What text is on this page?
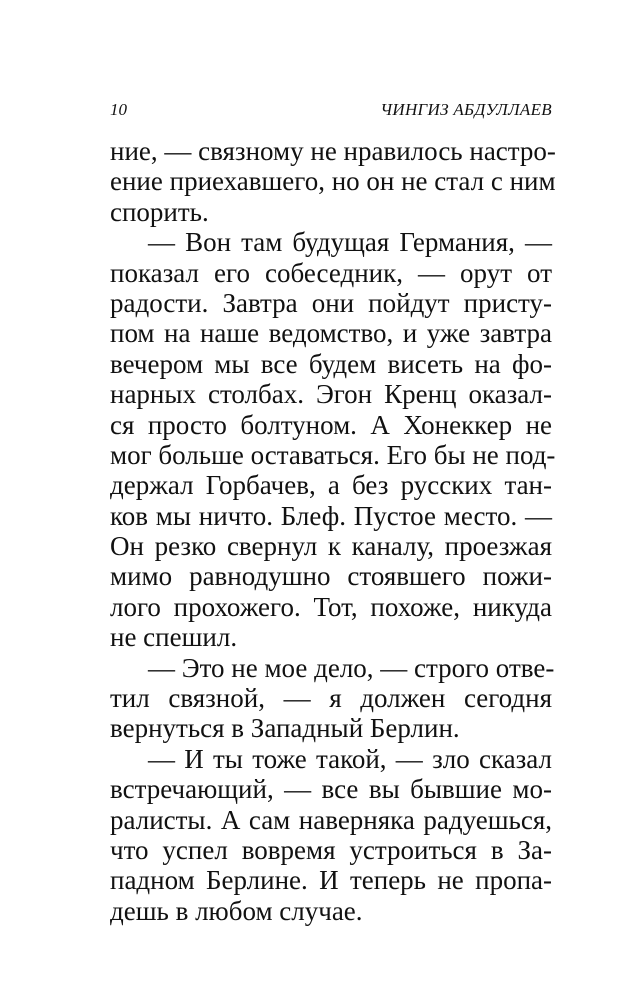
10	ЧИНГИЗ АБДУЛЛАЕВ
ние, — связному не нравилось настро-
ение приехавшего, но он не стал с ним
спорить.
— Вон там будущая Германия, —
показал его собеседник, — орут от
радости. Завтра они пойдут присту-
пом на наше ведомство, и уже завтра
вечером мы все будем висеть на фо-
нарных столбах. Эгон Кренц оказал-
ся просто болтуном. А Хонеккер не
мог больше оставаться. Его бы не под-
держал Горбачев, а без русских тан-
ков мы ничто. Блеф. Пустое место. —
Он резко свернул к каналу, проезжая
мимо равнодушно стоявшего пожи-
лого прохожего. Тот, похоже, никуда
не спешил.
— Это не мое дело, — строго отве-
тил связной, — я должен сегодня
вернуться в Западный Берлин.
— И ты тоже такой, — зло сказал
встречающий, — все вы бывшие мо-
ралисты. А сам наверняка радуешься,
что успел вовремя устроиться в За-
падном Берлине. И теперь не пропа-
дешь в любом случае.
